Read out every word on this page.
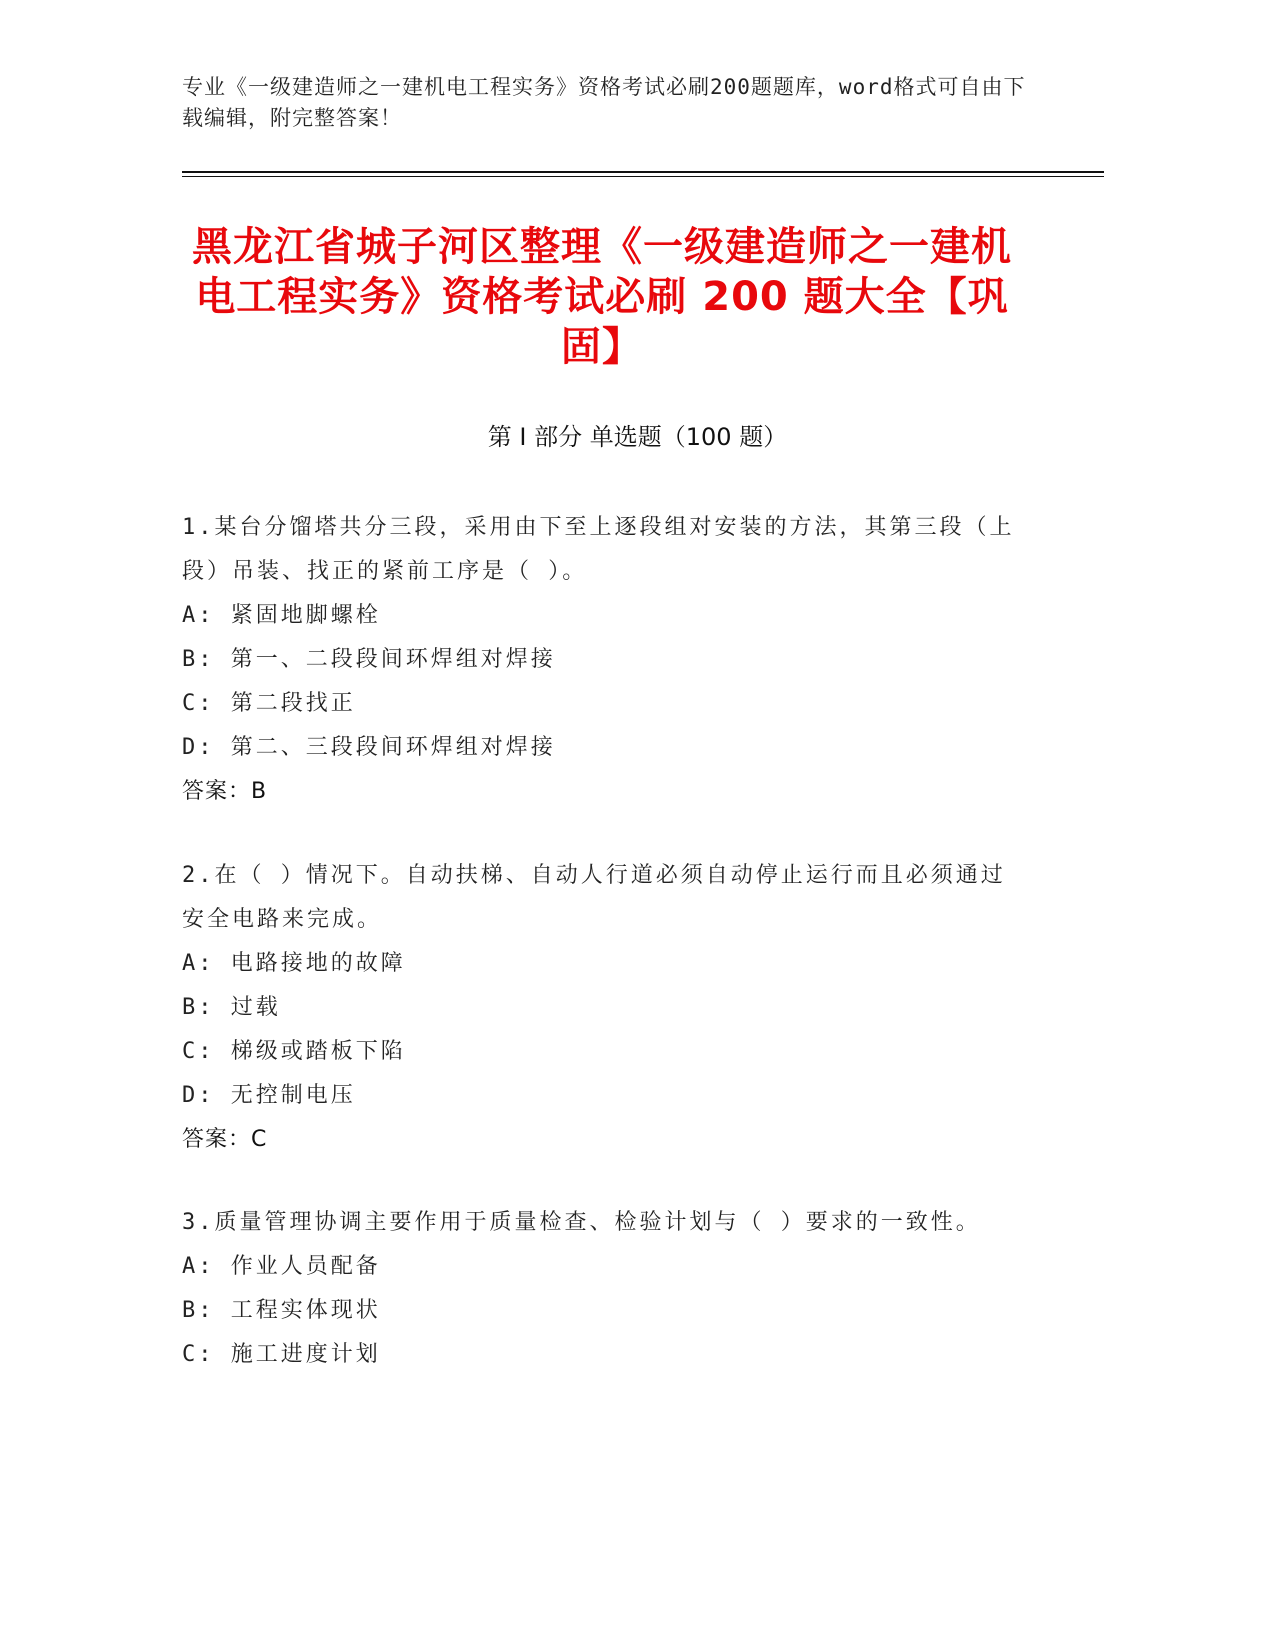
专业《一级建造师之一建机电工程实务》资格考试必刷200题题库，word格式可自由下载编辑，附完整答案！
黑龙江省城子河区整理《一级建造师之一建机电工程实务》资格考试必刷 200 题大全【巩固】
第 I 部分 单选题（100 题）
1.某台分馏塔共分三段，采用由下至上逐段组对安装的方法，其第三段（上段）吊装、找正的紧前工序是（ ）。
A: 紧固地脚螺栓
B: 第一、二段段间环焊组对焊接
C: 第二段找正
D: 第二、三段段间环焊组对焊接
答案：B
2.在（ ）情况下。自动扶梯、自动人行道必须自动停止运行而且必须通过安全电路来完成。
A: 电路接地的故障
B: 过载
C: 梯级或踏板下陷
D: 无控制电压
答案：C
3.质量管理协调主要作用于质量检查、检验计划与（ ）要求的一致性。
A: 作业人员配备
B: 工程实体现状
C: 施工进度计划
